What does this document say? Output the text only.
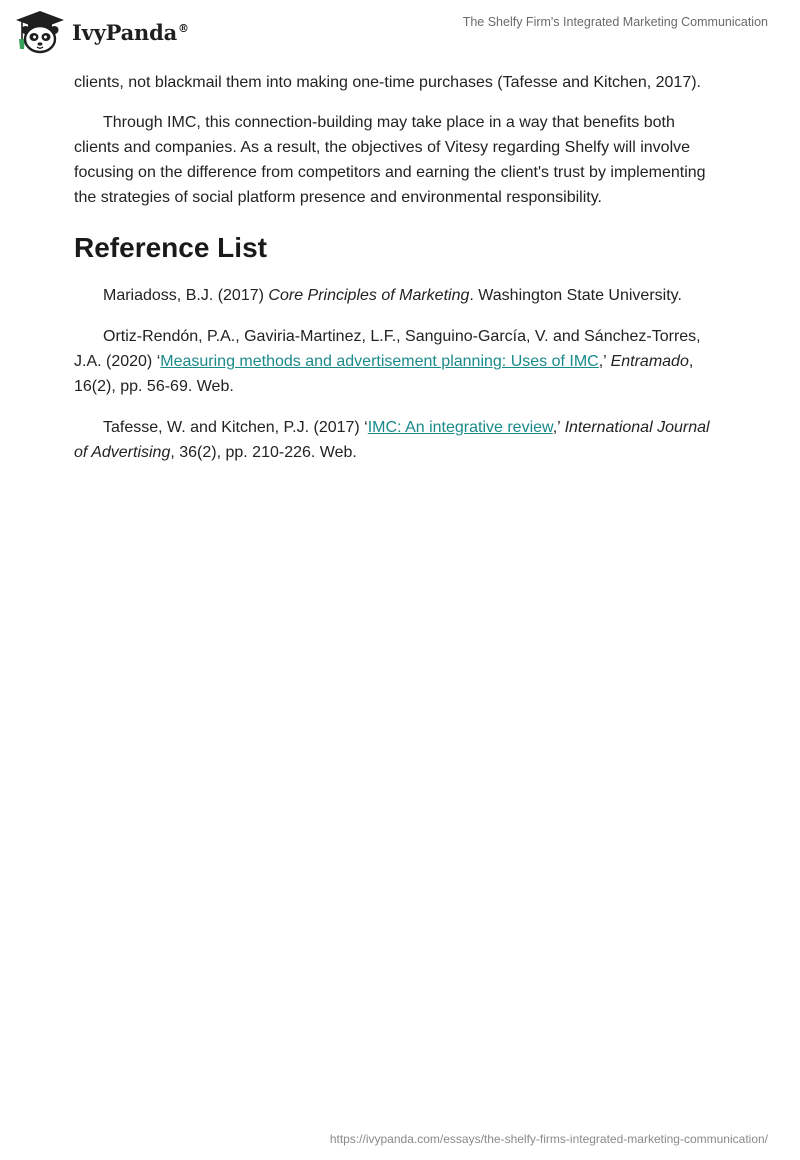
IvyPanda®	The Shelfy Firm's Integrated Marketing Communication

clients, not blackmail them into making one-time purchases (Tafesse and Kitchen, 2017).

Through IMC, this connection-building may take place in a way that benefits both clients and companies. As a result, the objectives of Vitesy regarding Shelfy will involve focusing on the difference from competitors and earning the client's trust by implementing the strategies of social platform presence and environmental responsibility.

Reference List

Mariadoss, B.J. (2017) Core Principles of Marketing. Washington State University.

Ortiz-Rendón, P.A., Gaviria-Martinez, L.F., Sanguino-García, V. and Sánchez-Torres, J.A. (2020) ‘Measuring methods and advertisement planning: Uses of IMC,’ Entramado, 16(2), pp. 56-69. Web.

Tafesse, W. and Kitchen, P.J. (2017) ‘IMC: An integrative review,’ International Journal of Advertising, 36(2), pp. 210-226. Web.

https://ivypanda.com/essays/the-shelfy-firms-integrated-marketing-communication/
